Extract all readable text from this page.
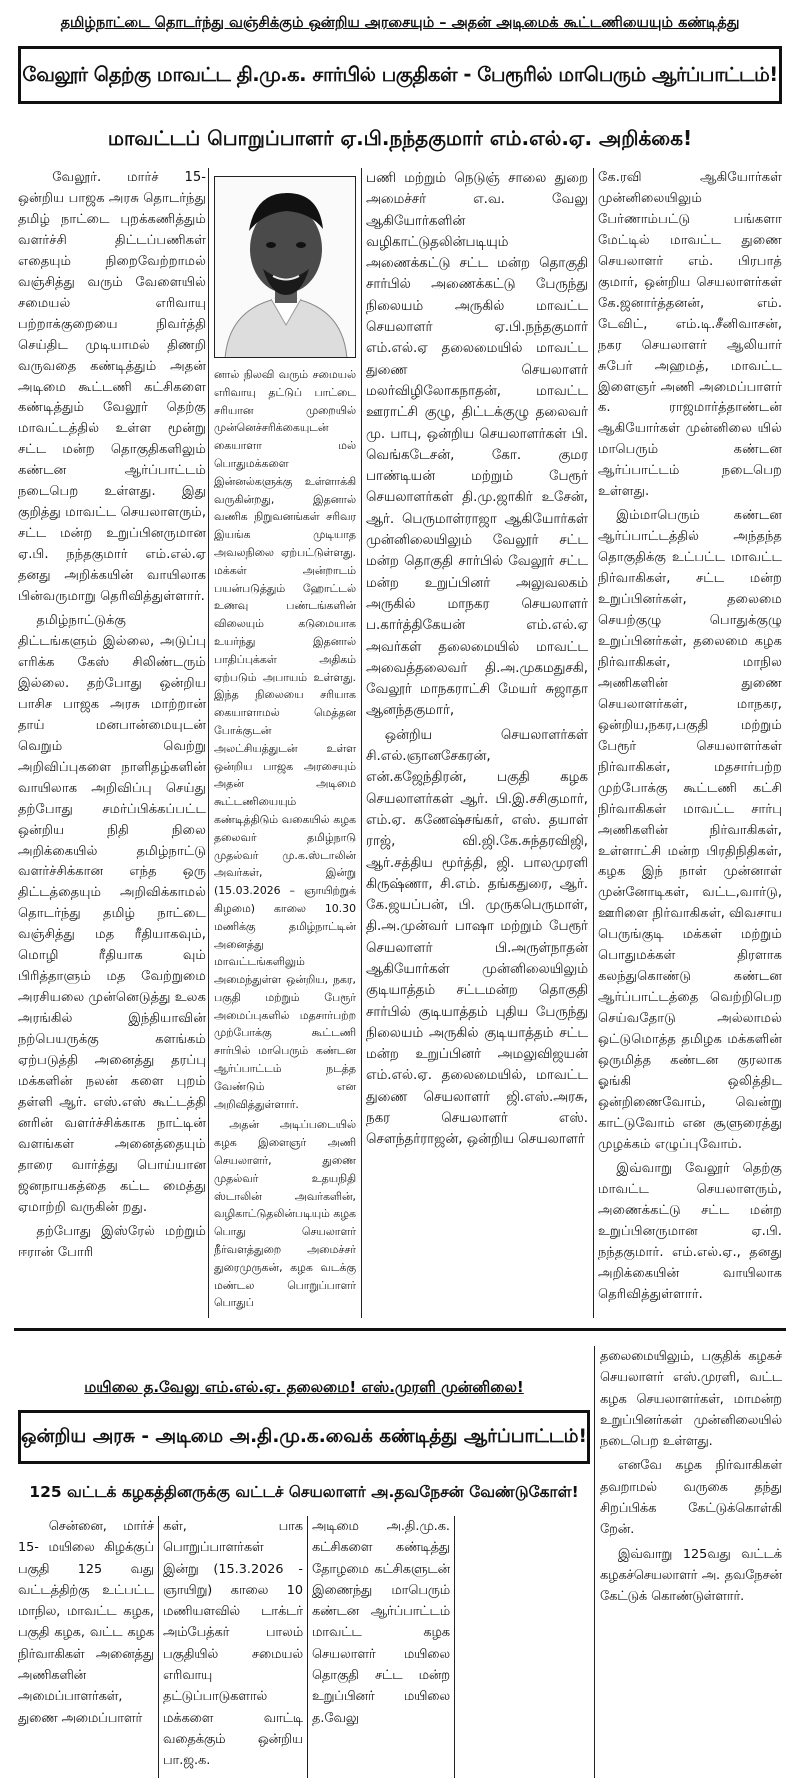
தமிழ்நாட்டை தொடர்ந்து வஞ்சிக்கும் ஒன்றிய அரசையும் – அதன் அடிமைக் கூட்டணியையும் கண்டித்து
வேலூர் தெற்கு மாவட்ட தி.மு.க. சார்பில் பகுதிகள் - பேரூரில் மாபெரும் ஆர்ப்பாட்டம்!
மாவட்டப் பொறுப்பாளர் ஏ.பி.நந்தகுமார் எம்.எல்.ஏ. அறிக்கை!

வேலூர். மார்ச் 15- ஒன்றிய பாஜக அரசு தொடர்ந்து தமிழ் நாட்டை புறக்கணித்தும் வளர்ச்சி திட்டப்பணிகள் எதையும் நிறைவேற்றாமல் வஞ்சித்து வரும் வேளையில் சமையல் எரிவாயு பற்றாக்குறையை நிவர்த்தி செய்திட முடியாமல் திணறி வருவதை கண்டித்தும் அதன் அடிமை கூட்டணி கட்சிகளை கண்டித்தும் வேலூர் தெற்கு மாவட்டத்தில் உள்ள மூன்று சட்ட மன்ற தொகுதிகளிலும் கண்டன ஆர்ப்பாட்டம் நடைபெற உள்ளது. இது குறித்து மாவட்ட செயலாளரும், சட்ட மன்ற உறுப்பினருமான ஏ.பி. நந்தகுமார் எம்.எல்.ஏ தனது அறிக்கயின் வாயிலாக பின்வருமாறு தெரிவித்துள்ளார்.

தமிழ்நாட்டுக்கு திட்டங்களும் இல்லை, அடுப்பு எரிக்க கேஸ் சிலிண்டரும் இல்லை. தற்போது ஒன்றிய பாசிச பாஜக அரசு மாற்றான் தாய் மனபான்மையுடன் வெறும் வெற்று அறிவிப்புகளை நாளிதழ்களின் வாயிலாக அறிவிப்பு செய்து தற்போது சமர்ப்பிக்கப்பட்ட ஒன்றிய நிதி நிலை அறிக்கையில் தமிழ்நாட்டு வளர்ச்சிக்கான எந்த ஒரு திட்டத்தையும் அறிவிக்காமல் தொடர்ந்து தமிழ் நாட்டை வஞ்சித்து மத ரீதியாகவும், மொழி ரீதியாக வும் பிரித்தாளும் மத வேற்றுமை அரசியலை முன்னெடுத்து உலக அரங்கில் இந்தியாவின் நற்பெயருக்கு களங்கம் ஏற்படுத்தி அனைத்து தரப்பு மக்களின் நலன் களை புறம் தள்ளி ஆர். எஸ்.எஸ் கூட்டத்தி னரின் வளர்ச்சிக்காக நாட்டின் வளங்கள் அனைத்தையும் தாரை வார்த்து பொய்யான ஜனநாயகத்தை கட்ட மைத்து ஏமாற்றி வருகின் றது.

தற்போது இஸ்ரேல் மற்றும் ஈரான் போரி

னால் நிலவி வரும் சமையல் எரிவாயு தட்டுப் பாட்டை சரியான முறையில் முன்னெச்சரிக்கையுடன் கையாளா மல் பொதுமக்களை இன்னல்களுக்கு உள்ளாக்கி வருகின்றது, இதனால் வணிக நிறுவனங்கள் சரிவர இயங்க முடியாத அவலநிலை ஏற்பட்டுள்ளது. மக்கள் அன்றாடம் பயன்படுத்தும் ஹோட்டல் உணவு பண்டங்களின் விலையும் கடுமையாக உயர்ந்து இதனால் பாதிப்புக்கள் அதிகம் ஏற்படும் அபாயம் உள்ளது. இந்த நிலையை சரியாக கையாளாமல் மெத்தன போக்குடன் அலட்சியத்துடன் உள்ள ஒன்றிய பாஜக அரசையும் அதன் அடிமை கூட்டணியையும் கண்டித்திடும் வகையில் கழக தலைவர் தமிழ்நாடு முதல்வர் மு.க.ஸ்டாலின் அவர்கள், இன்று (15.03.2026 – ஞாயிற்றுக் கிழமை) காலை 10.30 மணிக்கு தமிழ்நாட்டின் அனைத்து மாவட்டங்களிலும் அமைந்துள்ள ஒன்றிய, நகர, பகுதி மற்றும் பேரூர் அமைப்புகளில் மதசார்பற்ற முற்போக்கு கூட்டணி சார்பில் மாபெரும் கண்டன ஆர்ப்பாட்டம் நடத்த வேண்டும் என அறிவித்துள்ளார்.

அதன் அடிப்படையில் கழக இளைஞர் அணி செயலாளர், துணை முதல்வர் உதயநிதி ஸ்டாலின் அவர்களின், வழிகாட்டுதலின்படியும் கழக பொது செயலாளர் நீர்வளத்துறை அமைச்சர் துரைமுருகன், கழக வடக்கு மண்டல பொறுப்பாளர் பொதுப்

பணி மற்றும் நெடுஞ் சாலை துறை அமைச்சர் எ.வ. வேலு ஆகியோர்களின் வழிகாட்டுதலின்படியும் அணைக்கட்டு சட்ட மன்ற தொகுதி சார்பில் அணைக்கட்டு பேருந்து நிலையம் அருகில் மாவட்ட செயலாளர் ஏ.பி.நந்தகுமார் எம்.எல்.ஏ தலைமையில் மாவட்ட துணை செயலாளர் மலர்விழிலோகநாதன், மாவட்ட ஊராட்சி குழு, திட்டக்குழு தலைவர் மு. பாபு, ஒன்றிய செயலாளர்கள் பி. வெங்கடேசன், கோ. குமர பாண்டியன் மற்றும் பேரூர் செயலாளர்கள் தி.மு.ஜாகிர் உசேன், ஆர். பெருமாள்ராஜா ஆகியோர்கள் முன்னிலையிலும் வேலூர் சட்ட மன்ற தொகுதி சார்பில் வேலூர் சட்ட மன்ற உறுப்பினர் அலுவலகம் அருகில் மாநகர செயலாளர் ப.கார்த்திகேயன் எம்.எல்.ஏ அவர்கள் தலைமையில் மாவட்ட அவைத்தலைவர் தி.அ.முகமதுசகி, வேலூர் மாநகராட்சி மேயர் சுஜாதா ஆனந்தகுமார்,

ஒன்றிய செயலாளர்கள் சி.எல்.ஞானசேகரன், என்.கஜேந்திரன், பகுதி கழக செயலாளர்கள் ஆர். பி.இ.சசிகுமார், எம்.ஏ. கணேஷ்சங்கர், எஸ். தயாள் ராஜ், வி.ஜி.கே.சுந்தரவிஜி, ஆர்.சத்திய மூர்த்தி, ஜி. பாலமுரளி கிருஷ்ணா, சி.எம். தங்கதுரை, ஆர். கே.ஜயப்பன், பி. முருகபெருமாள், தி.அ.முன்வர் பாஷா மற்றும் பேரூர் செயலாளர் பி.அருள்நாதன் ஆகியோர்கள் முன்னிலையிலும் குடியாத்தம் சட்டமன்ற தொகுதி சார்பில் குடியாத்தம் புதிய பேருந்து நிலையம் அருகில் குடியாத்தம் சட்ட மன்ற உறுப்பினர் அமலுவிஜயன் எம்.எல்.ஏ. தலைமையில், மாவட்ட துணை செயலாளர் ஜி.எஸ்.அரசு, நகர செயலாளர் எஸ். சௌந்தர்ராஜன், ஒன்றிய செயலாளர்

கே.ரவி ஆகியோர்கள் முன்னிலையிலும் பேர்ணாம்பட்டு பங்களா மேட்டில் மாவட்ட துணை செயலாளர் எம். பிரபாத் குமார், ஒன்றிய செயலாளர்கள் கே.ஜனார்த்தனன், எம். டேவிட், எம்.டி.சீனிவாசன், நகர செயலாளர் ஆலியார் சுபேர் அஹமத், மாவட்ட இளைஞர் அணி அமைப்பாளர் க. ராஜமார்த்தாண்டன் ஆகியோர்கள் முன்னிலை யில் மாபெரும் கண்டன ஆர்ப்பாட்டம் நடைபெற உள்ளது.

இம்மாபெரும் கண்டன ஆர்ப்பாட்டத்தில் அந்தந்த தொகுதிக்கு உட்பட்ட மாவட்ட நிர்வாகிகள், சட்ட மன்ற உறுப்பினர்கள், தலைமை செயற்குழு பொதுக்குழு உறுப்பினர்கள், தலைமை கழக நிர்வாகிகள், மாநில அணிகளின் துணை செயலாளர்கள், மாநகர, ஒன்றிய,நகர,பகுதி மற்றும் பேரூர் செயலாளர்கள் நிர்வாகிகள், மதசார்பற்ற முற்போக்கு கூட்டணி கட்சி நிர்வாகிகள் மாவட்ட சார்பு அணிகளின் நிர்வாகிகள், உள்ளாட்சி மன்ற பிரதிநிதிகள், கழக இந் நாள் முன்னாள் முன்னோடிகள், வட்ட,வார்டு, ஊரிளை நிர்வாகிகள், விவசாய பெருங்குடி மக்கள் மற்றும் பொதுமக்கள் திரளாக கலந்துகொண்டு கண்டன ஆர்ப்பாட்டத்தை வெற்றிபெற செய்வதோடு அல்லாமல் ஒட்டுமொத்த தமிழக மக்களின் ஒருமித்த கண்டன குரலாக ஓங்கி ஒலித்திட ஒன்றிணைவோம், வென்று காட்டுவோம் என சூளுரைத்து முழக்கம் எழுப்புவோம்.

இவ்வாறு வேலூர் தெற்கு மாவட்ட செயலாளரும், அணைக்கட்டு சட்ட மன்ற உறுப்பினருமான ஏ.பி. நந்தகுமார். எம்.எல்.ஏ., தனது அறிக்கையின் வாயிலாக தெரிவித்துள்ளார்.

மயிலை த.வேலு எம்.எல்.ஏ. தலைமை! எஸ்.முரளி முன்னிலை!
ஒன்றிய அரசு - அடிமை அ.தி.மு.க.வைக் கண்டித்து ஆர்ப்பாட்டம்!
125 வட்டக் கழகத்தினருக்கு வட்டச் செயலாளர் அ.தவநேசன் வேண்டுகோள்!

சென்னை, மார்ச் 15- மயிலை கிழக்குப் பகுதி 125 வது வட்டத்திற்கு உட்பட்ட மாநில, மாவட்ட கழக, பகுதி கழக, வட்ட கழக நிர்வாகிகள் அனைத்து அணிகளின் அமைப்பாளர்கள், துணை அமைப்பாளர்

கள், பாக பொறுப்பாளர்கள் இன்று (15.3.2026 - ஞாயிறு) காலை 10 மணியளவில் டாக்டர் அம்பேத்கர் பாலம் பகுதியில் சமையல் எரிவாயு தட்டுப்பாடுகளால் மக்களை வாட்டி வதைக்கும் ஒன்றிய பா.ஜ.க.

அடிமை அ.தி.மு.க. கட்சிகளை கண்டித்து தோழமை கட்சிகளுடன் இணைந்து மாபெரும் கண்டன ஆர்ப்பாட்டம் மாவட்ட கழக செயலாளர் மயிலை தொகுதி சட்ட மன்ற உறுப்பினர் மயிலை த.வேலு

தலைமையிலும், பகுதிக் கழகச் செயலாளர் எஸ்.முரளி, வட்ட கழக செயலாளர்கள், மாமன்ற உறுப்பினர்கள் முன்னிலையில் நடைபெற உள்ளது.

எனவே கழக நிர்வாகிகள் தவறாமல் வருகை தந்து சிறப்பிக்க கேட்டுக்கொள்கி றேன்.

இவ்வாறு 125வது வட்டக் கழகச்செயலாளர் அ. தவநேசன் கேட்டுக் கொண்டுள்ளார்.
